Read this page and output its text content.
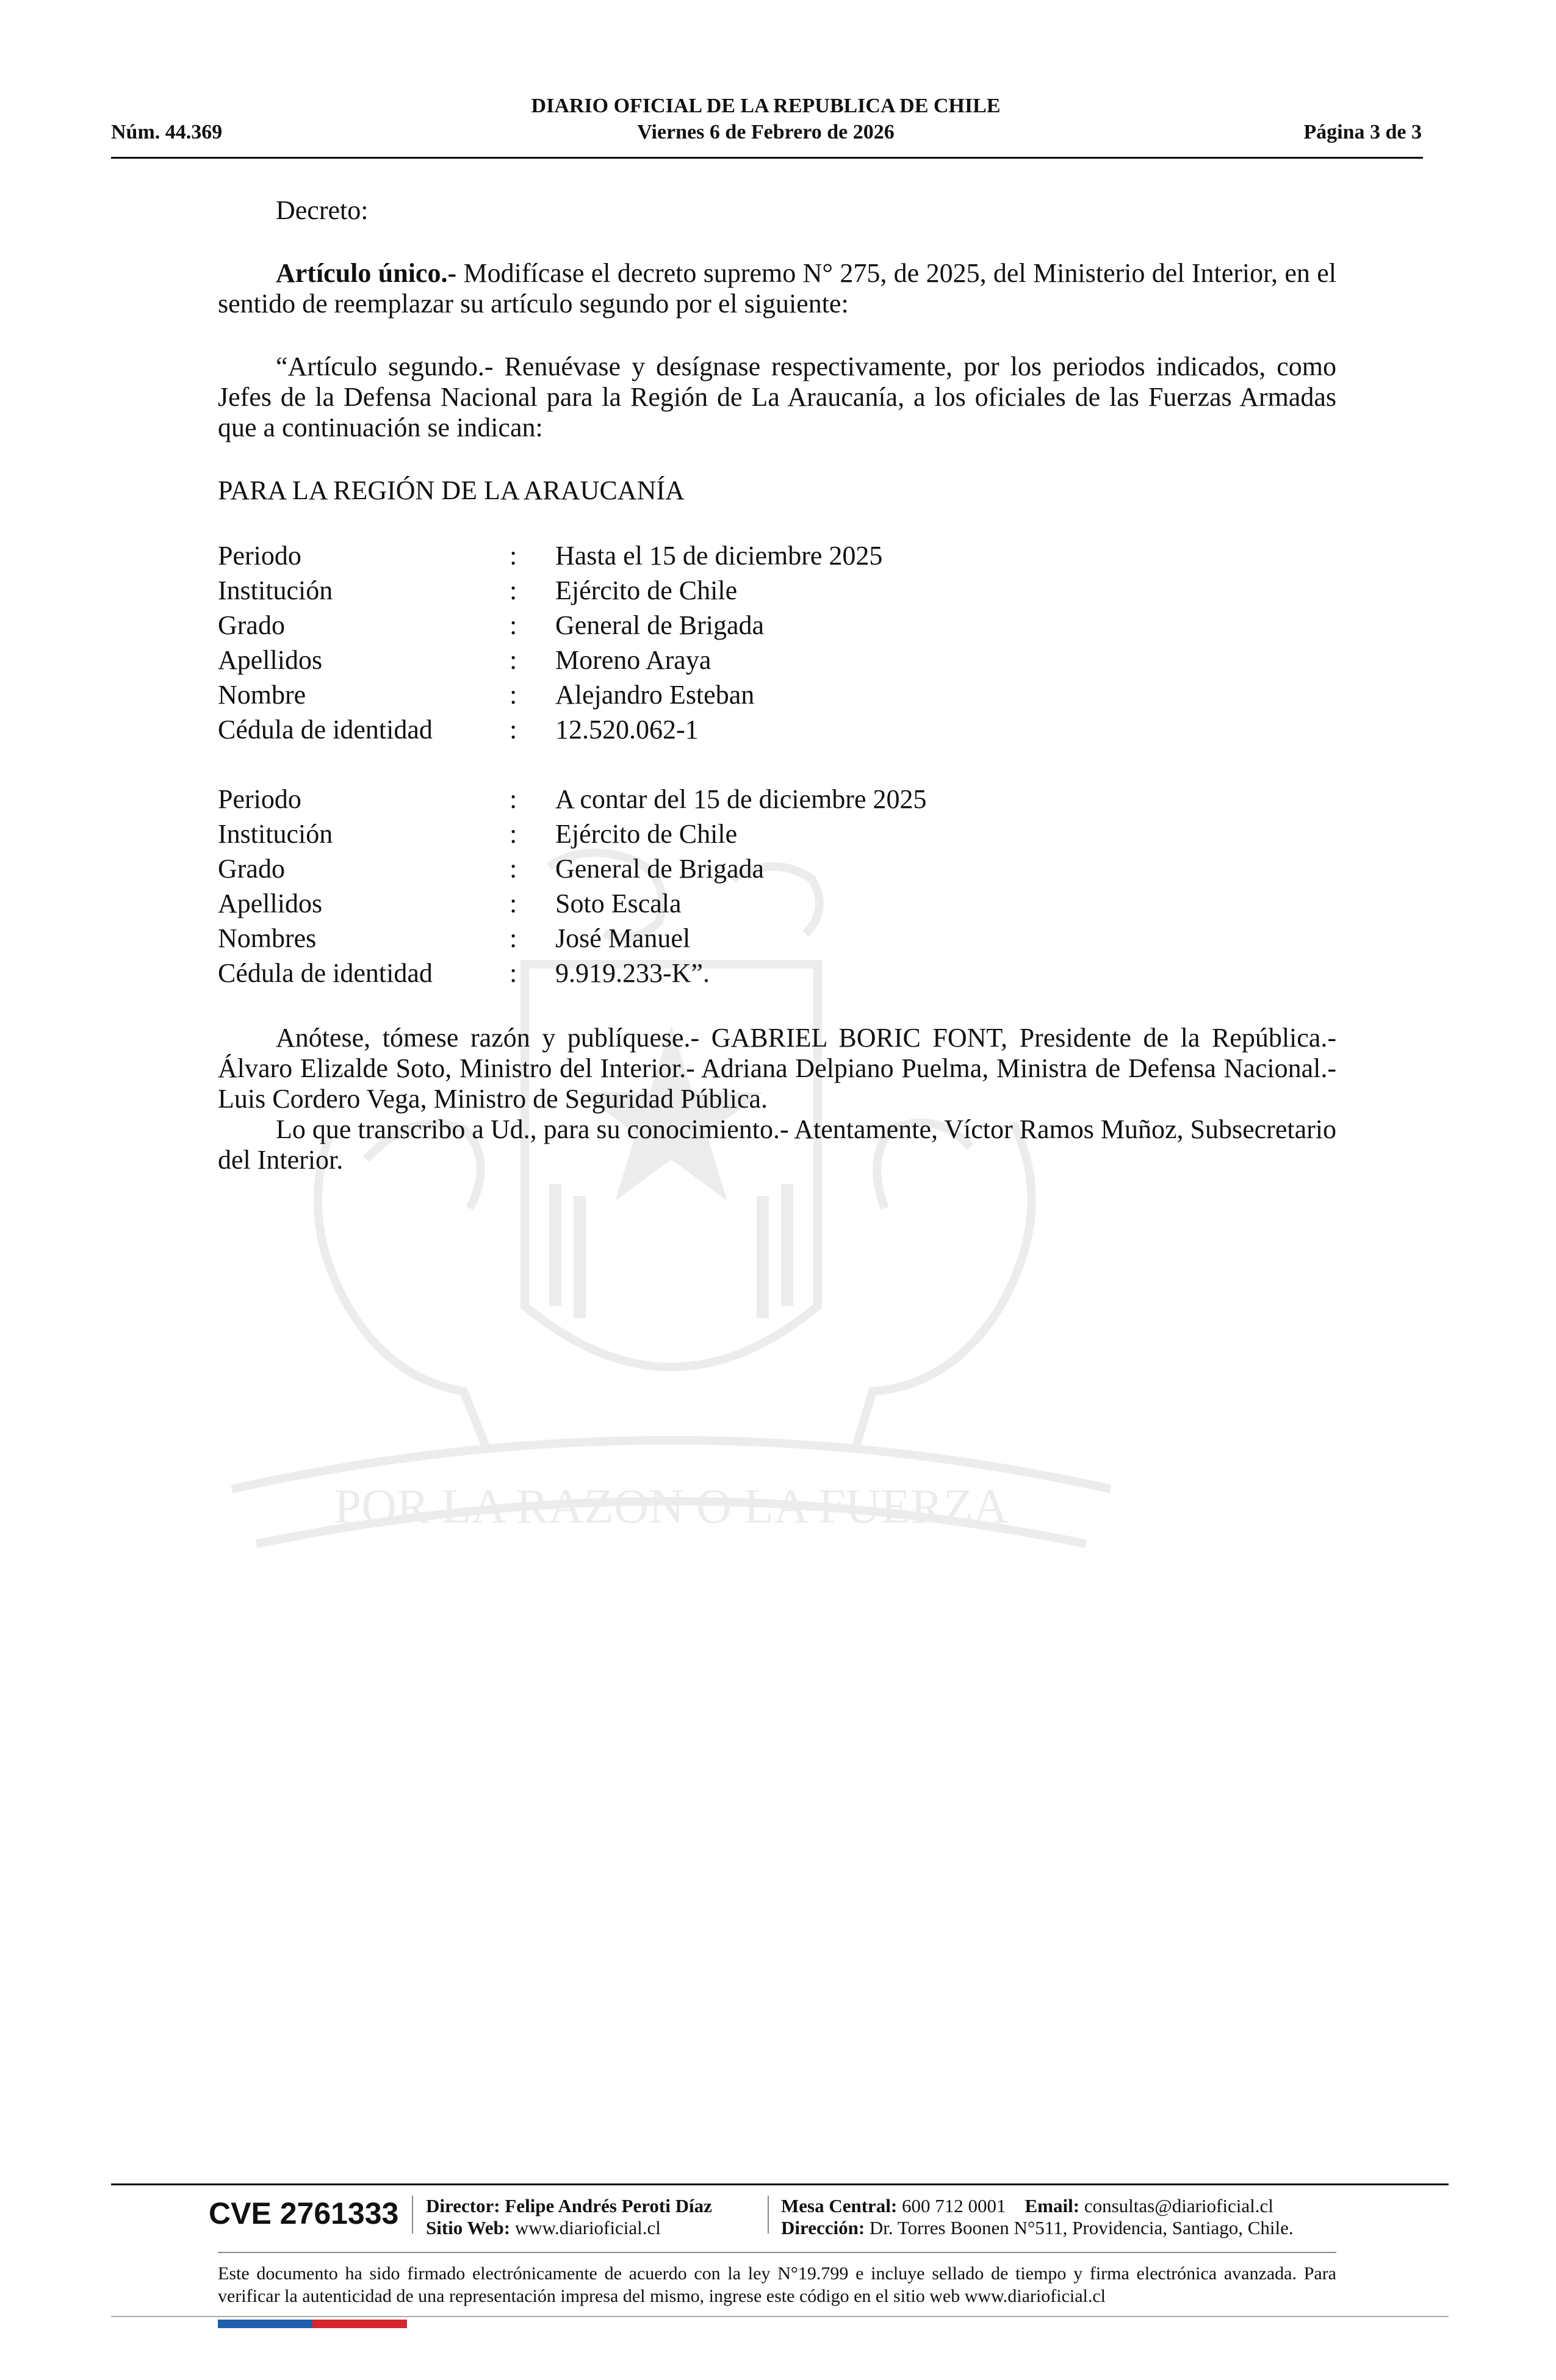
DIARIO OFICIAL DE LA REPUBLICA DE CHILE
Núm. 44.369	Viernes 6 de Febrero de 2026	Página 3 de 3
POR LA RAZON O LA FUERZA

Decreto:

Artículo único.- Modifícase el decreto supremo N° 275, de 2025, del Ministerio del Interior, en el sentido de reemplazar su artículo segundo por el siguiente:

“Artículo segundo.- Renuévase y desígnase respectivamente, por los periodos indicados, como Jefes de la Defensa Nacional para la Región de La Araucanía, a los oficiales de las Fuerzas Armadas que a continuación se indican:

PARA LA REGIÓN DE LA ARAUCANÍA

Periodo	: Hasta el 15 de diciembre 2025
Institución	: Ejército de Chile
Grado	: General de Brigada
Apellidos	: Moreno Araya
Nombre	: Alejandro Esteban
Cédula de identidad	: 12.520.062-1
Periodo	: A contar del 15 de diciembre 2025
Institución	: Ejército de Chile
Grado	: General de Brigada
Apellidos	: Soto Escala
Nombres	: José Manuel
Cédula de identidad	: 9.919.233-K”.

Anótese, tómese razón y publíquese.- GABRIEL BORIC FONT, Presidente de la República.- Álvaro Elizalde Soto, Ministro del Interior.- Adriana Delpiano Puelma, Ministra de Defensa Nacional.- Luis Cordero Vega, Ministro de Seguridad Pública.

Lo que transcribo a Ud., para su conocimiento.- Atentamente, Víctor Ramos Muñoz, Subsecretario del Interior.

CVE 2761333 Director: Felipe Andrés Peroti Díaz
Sitio Web: www.diarioficial.cl
Mesa Central: 600 712 0001 Email: consultas@diarioficial.cl
Dirección: Dr. Torres Boonen N°511, Providencia, Santiago, Chile.
Este documento ha sido firmado electrónicamente de acuerdo con la ley N°19.799 e incluye sellado de tiempo y firma electrónica avanzada. Para verificar la autenticidad de una representación impresa del mismo, ingrese este código en el sitio web www.diarioficial.cl
